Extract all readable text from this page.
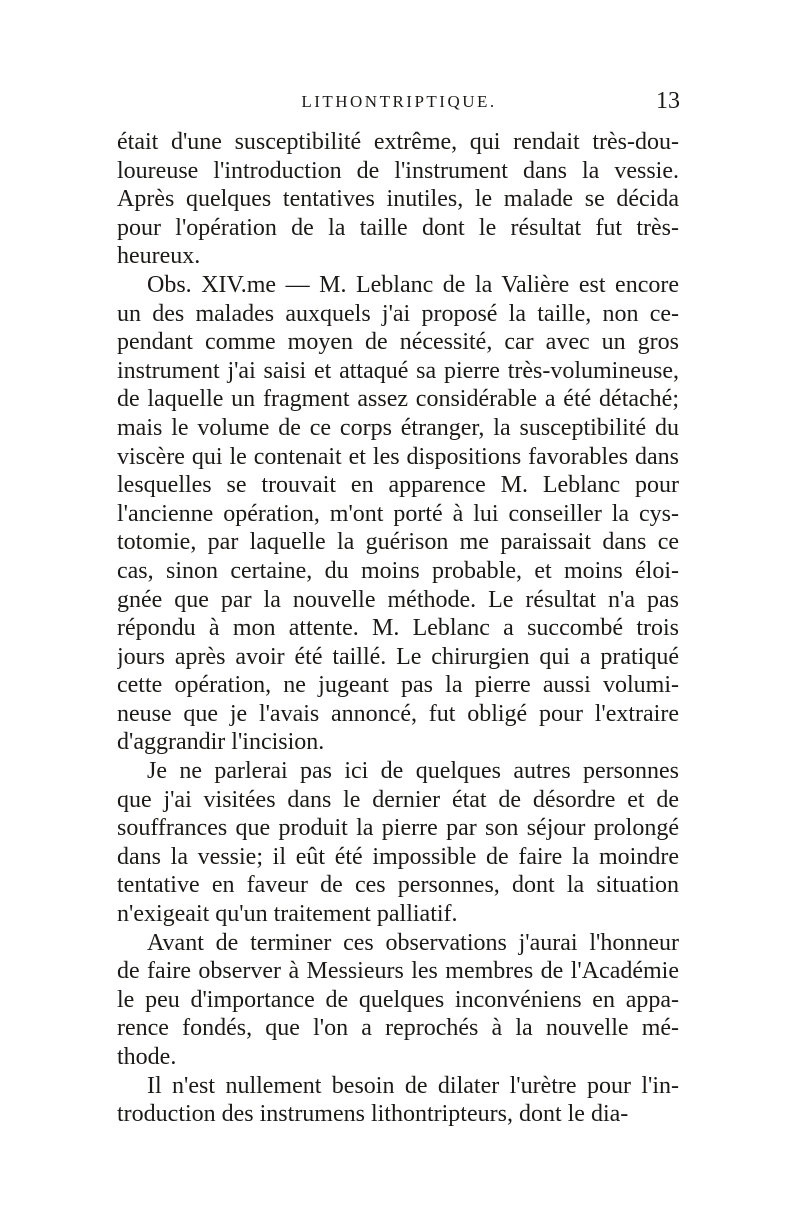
LITHONTRIPTIQUE.	13
était d'une susceptibilité extrême, qui rendait très-dou-
loureuse l'introduction de l'instrument dans la vessie.
Après quelques tentatives inutiles, le malade se décida
pour l'opération de la taille dont le résultat fut très-
heureux.
Obs. XIV.me — M. Leblanc de la Valière est encore
un des malades auxquels j'ai proposé la taille, non ce-
pendant comme moyen de nécessité, car avec un gros
instrument j'ai saisi et attaqué sa pierre très-volumineuse,
de laquelle un fragment assez considérable a été détaché;
mais le volume de ce corps étranger, la susceptibilité du
viscère qui le contenait et les dispositions favorables dans
lesquelles se trouvait en apparence M. Leblanc pour
l'ancienne opération, m'ont porté à lui conseiller la cys-
totomie, par laquelle la guérison me paraissait dans ce
cas, sinon certaine, du moins probable, et moins éloi-
gnée que par la nouvelle méthode. Le résultat n'a pas
répondu à mon attente. M. Leblanc a succombé trois
jours après avoir été taillé. Le chirurgien qui a pratiqué
cette opération, ne jugeant pas la pierre aussi volumi-
neuse que je l'avais annoncé, fut obligé pour l'extraire
d'aggrandir l'incision.
Je ne parlerai pas ici de quelques autres personnes
que j'ai visitées dans le dernier état de désordre et de
souffrances que produit la pierre par son séjour prolongé
dans la vessie; il eût été impossible de faire la moindre
tentative en faveur de ces personnes, dont la situation
n'exigeait qu'un traitement palliatif.
Avant de terminer ces observations j'aurai l'honneur
de faire observer à Messieurs les membres de l'Académie
le peu d'importance de quelques inconvéniens en appa-
rence fondés, que l'on a reprochés à la nouvelle mé-
thode.
Il n'est nullement besoin de dilater l'urètre pour l'in-
troduction des instrumens lithontripteurs, dont le dia-
